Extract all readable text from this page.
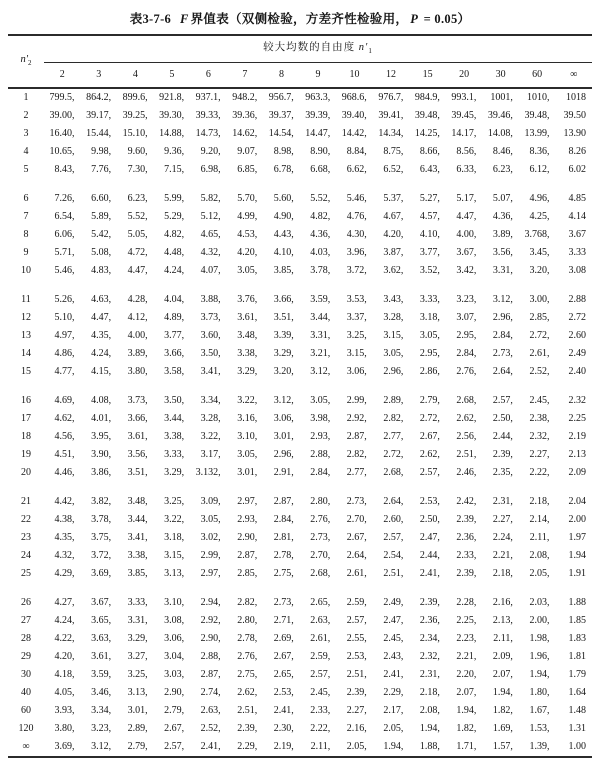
表3-7-6 F 界值表（双侧检验，方差齐性检验用， P = 0.05）
$n'_2$	较大均数的自由度 $n'_1$
	2	3	4	5	6	7	8	9	10	12	15	20	30	60	∞
1	799.5,	864.2,	899.6,	921.8,	937.1,	948.2,	956.7,	963.3,	968.6,	976.7,	984.9,	993.1,	1001,	1010,	1018
2	39.00,	39.17,	39.25,	39.30,	39.33,	39.36,	39.37,	39.39,	39.40,	39.41,	39.48,	39.45,	39.46,	39.48,	39.50
3	16.40,	15.44,	15.10,	14.88,	14.73,	14.62,	14.54,	14.47,	14.42,	14.34,	14.25,	14.17,	14.08,	13.99,	13.90
4	10.65,	9.98,	9.60,	9.36,	9.20,	9.07,	8.98,	8.90,	8.84,	8.75,	8.66,	8.56,	8.46,	8.36,	8.26
5	8.43,	7.76,	7.30,	7.15,	6.98,	6.85,	6.78,	6.68,	6.62,	6.52,	6.43,	6.33,	6.23,	6.12,	6.02

6	7.26,	6.60,	6.23,	5.99,	5.82,	5.70,	5.60,	5.52,	5.46,	5.37,	5.27,	5.17,	5.07,	4.96,	4.85
7	6.54,	5.89,	5.52,	5.29,	5.12,	4.99,	4.90,	4.82,	4.76,	4.67,	4.57,	4.47,	4.36,	4.25,	4.14
8	6.06,	5.42,	5.05,	4.82,	4.65,	4.53,	4.43,	4.36,	4.30,	4.20,	4.10,	4.00,	3.89,	3.768,	3.67
9	5.71,	5.08,	4.72,	4.48,	4.32,	4.20,	4.10,	4.03,	3.96,	3.87,	3.77,	3.67,	3.56,	3.45,	3.33
10	5.46,	4.83,	4.47,	4.24,	4.07,	3.05,	3.85,	3.78,	3.72,	3.62,	3.52,	3.42,	3.31,	3.20,	3.08

11	5.26,	4.63,	4.28,	4.04,	3.88,	3.76,	3.66,	3.59,	3.53,	3.43,	3.33,	3.23,	3.12,	3.00,	2.88
12	5.10,	4.47,	4.12,	4.89,	3.73,	3.61,	3.51,	3.44,	3.37,	3.28,	3.18,	3.07,	2.96,	2.85,	2.72
13	4.97,	4.35,	4.00,	3.77,	3.60,	3.48,	3.39,	3.31,	3.25,	3.15,	3.05,	2.95,	2.84,	2.72,	2.60
14	4.86,	4.24,	3.89,	3.66,	3.50,	3.38,	3.29,	3.21,	3.15,	3.05,	2.95,	2.84,	2.73,	2.61,	2.49
15	4.77,	4.15,	3.80,	3.58,	3.41,	3.29,	3.20,	3.12,	3.06,	2.96,	2.86,	2.76,	2.64,	2.52,	2.40

16	4.69,	4.08,	3.73,	3.50,	3.34,	3.22,	3.12,	3.05,	2.99,	2.89,	2.79,	2.68,	2.57,	2.45,	2.32
17	4.62,	4.01,	3.66,	3.44,	3.28,	3.16,	3.06,	3.98,	2.92,	2.82,	2.72,	2.62,	2.50,	2.38,	2.25
18	4.56,	3.95,	3.61,	3.38,	3.22,	3.10,	3.01,	2.93,	2.87,	2.77,	2.67,	2.56,	2.44,	2.32,	2.19
19	4.51,	3.90,	3.56,	3.33,	3.17,	3.05,	2.96,	2.88,	2.82,	2.72,	2.62,	2.51,	2.39,	2.27,	2.13
20	4.46,	3.86,	3.51,	3.29,	3.132,	3.01,	2.91,	2.84,	2.77,	2.68,	2.57,	2.46,	2.35,	2.22,	2.09

21	4.42,	3.82,	3.48,	3.25,	3.09,	2.97,	2.87,	2.80,	2.73,	2.64,	2.53,	2.42,	2.31,	2.18,	2.04
22	4.38,	3.78,	3.44,	3.22,	3.05,	2.93,	2.84,	2.76,	2.70,	2.60,	2.50,	2.39,	2.27,	2.14,	2.00
23	4.35,	3.75,	3.41,	3.18,	3.02,	2.90,	2.81,	2.73,	2.67,	2.57,	2.47,	2.36,	2.24,	2.11,	1.97
24	4.32,	3.72,	3.38,	3.15,	2.99,	2.87,	2.78,	2.70,	2.64,	2.54,	2.44,	2.33,	2.21,	2.08,	1.94
25	4.29,	3.69,	3.85,	3.13,	2.97,	2.85,	2.75,	2.68,	2.61,	2.51,	2.41,	2.39,	2.18,	2.05,	1.91

26	4.27,	3.67,	3.33,	3.10,	2.94,	2.82,	2.73,	2.65,	2.59,	2.49,	2.39,	2.28,	2.16,	2.03,	1.88
27	4.24,	3.65,	3.31,	3.08,	2.92,	2.80,	2.71,	2.63,	2.57,	2.47,	2.36,	2.25,	2.13,	2.00,	1.85
28	4.22,	3.63,	3.29,	3.06,	2.90,	2.78,	2.69,	2.61,	2.55,	2.45,	2.34,	2.23,	2.11,	1.98,	1.83
29	4.20,	3.61,	3.27,	3.04,	2.88,	2.76,	2.67,	2.59,	2.53,	2.43,	2.32,	2.21,	2.09,	1.96,	1.81
30	4.18,	3.59,	3.25,	3.03,	2.87,	2.75,	2.65,	2.57,	2.51,	2.41,	2.31,	2.20,	2.07,	1.94,	1.79
40	4.05,	3.46,	3.13,	2.90,	2.74,	2.62,	2.53,	2.45,	2.39,	2.29,	2.18,	2.07,	1.94,	1.80,	1.64
60	3.93,	3.34,	3.01,	2.79,	2.63,	2.51,	2.41,	2.33,	2.27,	2.17,	2.08,	1.94,	1.82,	1.67,	1.48
120	3.80,	3.23,	2.89,	2.67,	2.52,	2.39,	2.30,	2.22,	2.16,	2.05,	1.94,	1.82,	1.69,	1.53,	1.31
∞	3.69,	3.12,	2.79,	2.57,	2.41,	2.29,	2.19,	2.11,	2.05,	1.94,	1.88,	1.71,	1.57,	1.39,	1.00
